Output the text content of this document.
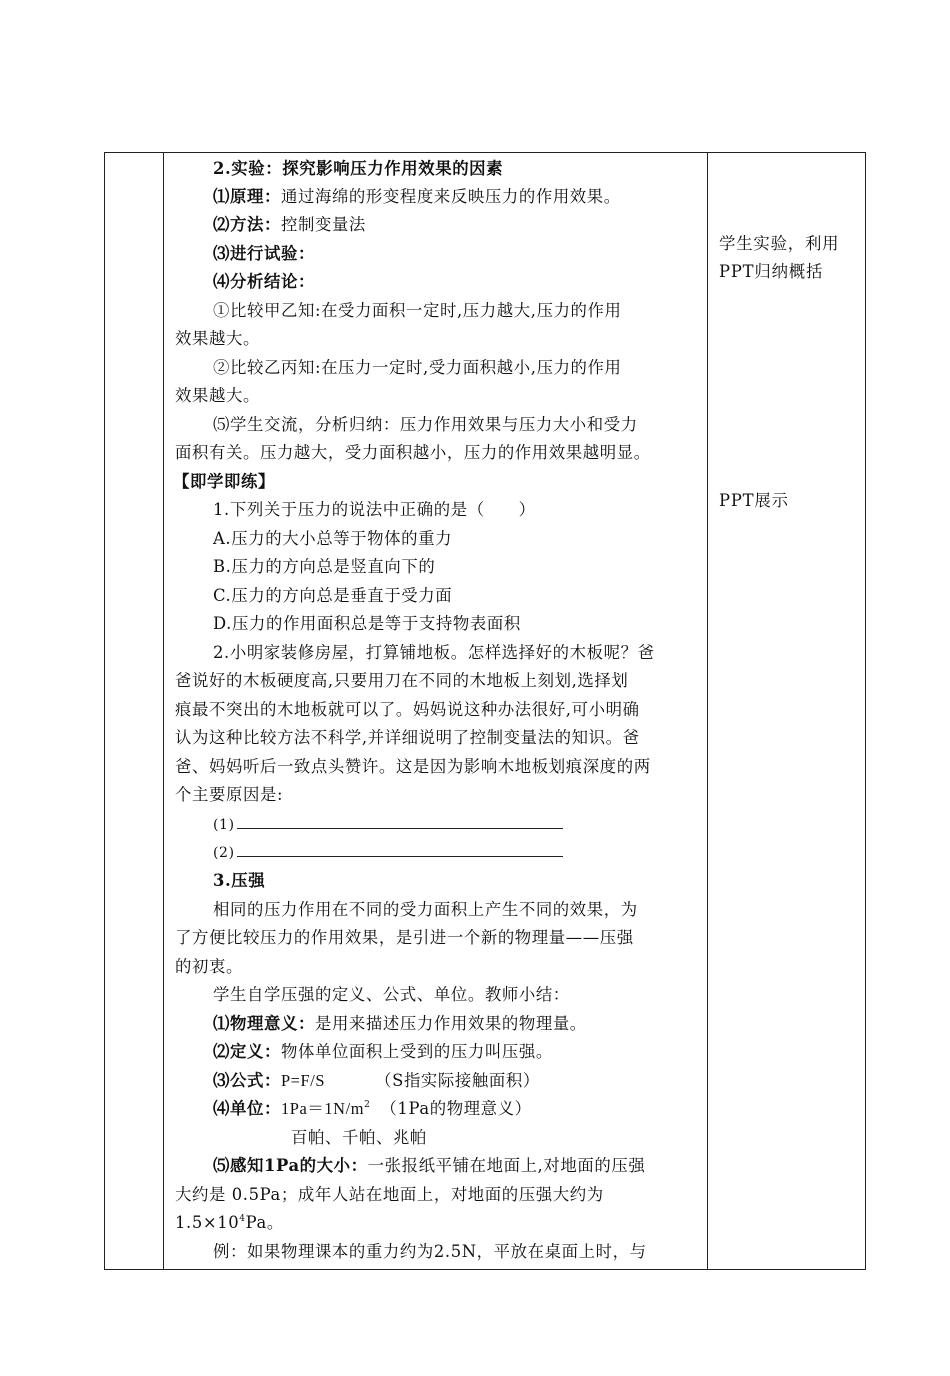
2.实验：探究影响压力作用效果的因素
⑴原理：通过海绵的形变程度来反映压力的作用效果。
⑵方法：控制变量法
⑶进行试验：
⑷分析结论：
①比较甲乙知:在受力面积一定时,压力越大,压力的作用
效果越大。
②比较乙丙知:在压力一定时,受力面积越小,压力的作用
效果越大。
⑸学生交流，分析归纳：压力作用效果与压力大小和受力
面积有关。压力越大，受力面积越小，压力的作用效果越明显。
【即学即练】
1.下列关于压力的说法中正确的是（　　）
A.压力的大小总等于物体的重力
B.压力的方向总是竖直向下的
C.压力的方向总是垂直于受力面
D.压力的作用面积总是等于支持物表面积
2.小明家装修房屋，打算铺地板。怎样选择好的木板呢？爸
爸说好的木板硬度高,只要用刀在不同的木地板上刻划,选择划
痕最不突出的木地板就可以了。妈妈说这种办法很好,可小明确
认为这种比较方法不科学,并详细说明了控制变量法的知识。爸
爸、妈妈听后一致点头赞许。这是因为影响木地板划痕深度的两
个主要原因是:
(1)
(2)
3.压强
相同的压力作用在不同的受力面积上产生不同的效果，为
了方便比较压力的作用效果，是引进一个新的物理量——压强
的初衷。
学生自学压强的定义、公式、单位。教师小结：
⑴物理意义：是用来描述压力作用效果的物理量。
⑵定义：物体单位面积上受到的压力叫压强。
⑶公式：P=F/S	（S指实际接触面积）
⑷单位：$1Pa=1N/m^2$ （1Pa的物理意义）
百帕、千帕、兆帕
⑸感知1Pa的大小：一张报纸平铺在地面上,对地面的压强
大约是 0.5Pa；成年人站在地面上，对地面的压强大约为
$1.5\times 10^4Pa$。
例：如果物理课本的重力约为2.5N，平放在桌面上时，与
学生实验，利用
PPT归纳概括
PPT展示
